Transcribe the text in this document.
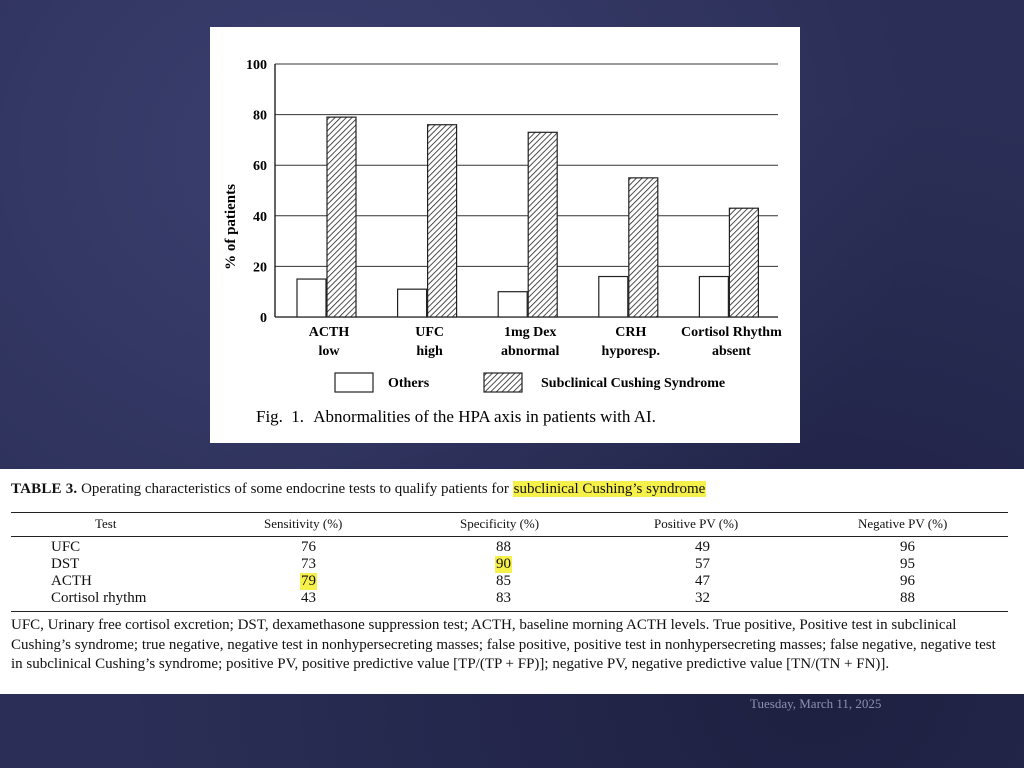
0
20
40
60
80
100
ACTH
low
UFC
high
1mg Dex
abnormal
CRH
hyporesp.
Cortisol Rhythm
absent
% of patients
Others	Subclinical Cushing Syndrome
Fig. 1. Abnormalities of the HPA axis in patients with AI.
TABLE 3. Operating characteristics of some endocrine tests to qualify patients for subclinical Cushing’s syndrome
Test	Sensitivity (%)	Specificity (%)	Positive PV (%)	Negative PV (%)
UFC	76	88	49	96
DST	73	90	57	95
ACTH	79	85	47	96
Cortisol rhythm	43	83	32	88
UFC, Urinary free cortisol excretion; DST, dexamethasone suppression test; ACTH, baseline morning ACTH levels. True positive, Positive test in subclinical Cushing’s syndrome; true negative, negative test in nonhypersecreting masses; false positive, positive test in nonhypersecreting masses; false negative, negative test in subclinical Cushing’s syndrome; positive PV, positive predictive value [TP/(TP + FP)]; negative PV, negative predictive value [TN/(TN + FN)].
Tuesday, March 11, 2025
